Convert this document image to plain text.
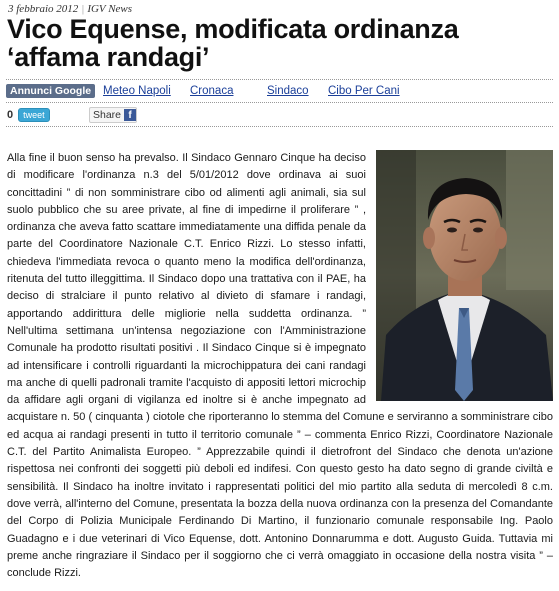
3 febbraio 2012 | IGV News
Vico Equense, modificata ordinanza ‘affama randagi’
Annunci Google	Meteo Napoli Cronaca	Sindaco Cibo Per Cani
0	tweet	Share f

Alla fine il buon senso ha prevalso. Il Sindaco Gennaro Cinque ha deciso di modificare l'ordinanza n.3 del 5/01/2012 dove ordinava ai suoi concittadini ” di non somministrare cibo od alimenti agli animali, sia sul suolo pubblico che su aree private, al fine di impedirne il proliferare ” , ordinanza che aveva fatto scattare immediatamente una diffida penale da parte del Coordinatore Nazionale C.T. Enrico Rizzi. Lo stesso infatti, chiedeva l'immediata revoca o quanto meno la modifica dell'ordinanza, ritenuta del tutto illeggittima. Il Sindaco dopo una trattativa con il PAE, ha deciso di stralciare il punto relativo al divieto di sfamare i randagi, apportando addirittura delle migliorie nella suddetta ordinanza. ” Nell'ultima settimana un'intensa negoziazione con l'Amministrazione Comunale ha prodotto risultati positivi . Il Sindaco Cinque si è impegnato ad intensificare i controlli riguardanti la microchippatura dei cani randagi ma anche di quelli padronali tramite l'acquisto di appositi lettori microchip da affidare agli organi di vigilanza ed inoltre si è anche impegnato ad acquistare n. 50 ( cinquanta ) ciotole che riporteranno lo stemma del Comune e serviranno a somministrare cibo ed acqua ai randagi presenti in tutto il territorio comunale ” – commenta Enrico Rizzi, Coordinatore Nazionale C.T. del Partito Animalista Europeo. ” Apprezzabile quindi il dietrofront del Sindaco che denota un'azione rispettosa nei confronti dei soggetti più deboli ed indifesi. Con questo gesto ha dato segno di grande civiltà e sensibilità. Il Sindaco ha inoltre invitato i rappresentati politici del mio partito alla seduta di mercoledì 8 c.m. dove verrà, all'interno del Comune, presentata la bozza della nuova ordinanza con la presenza del Comandante del Corpo di Polizia Municipale Ferdinando Di Martino, il funzionario comunale responsabile Ing. Paolo Guadagno e i due veterinari di Vico Equense, dott. Antonino Donnarumma e dott. Augusto Guida. Tuttavia mi preme anche ringraziare il Sindaco per il soggiorno che ci verrà omaggiato in occasione della nostra visita ” – conclude Rizzi.
